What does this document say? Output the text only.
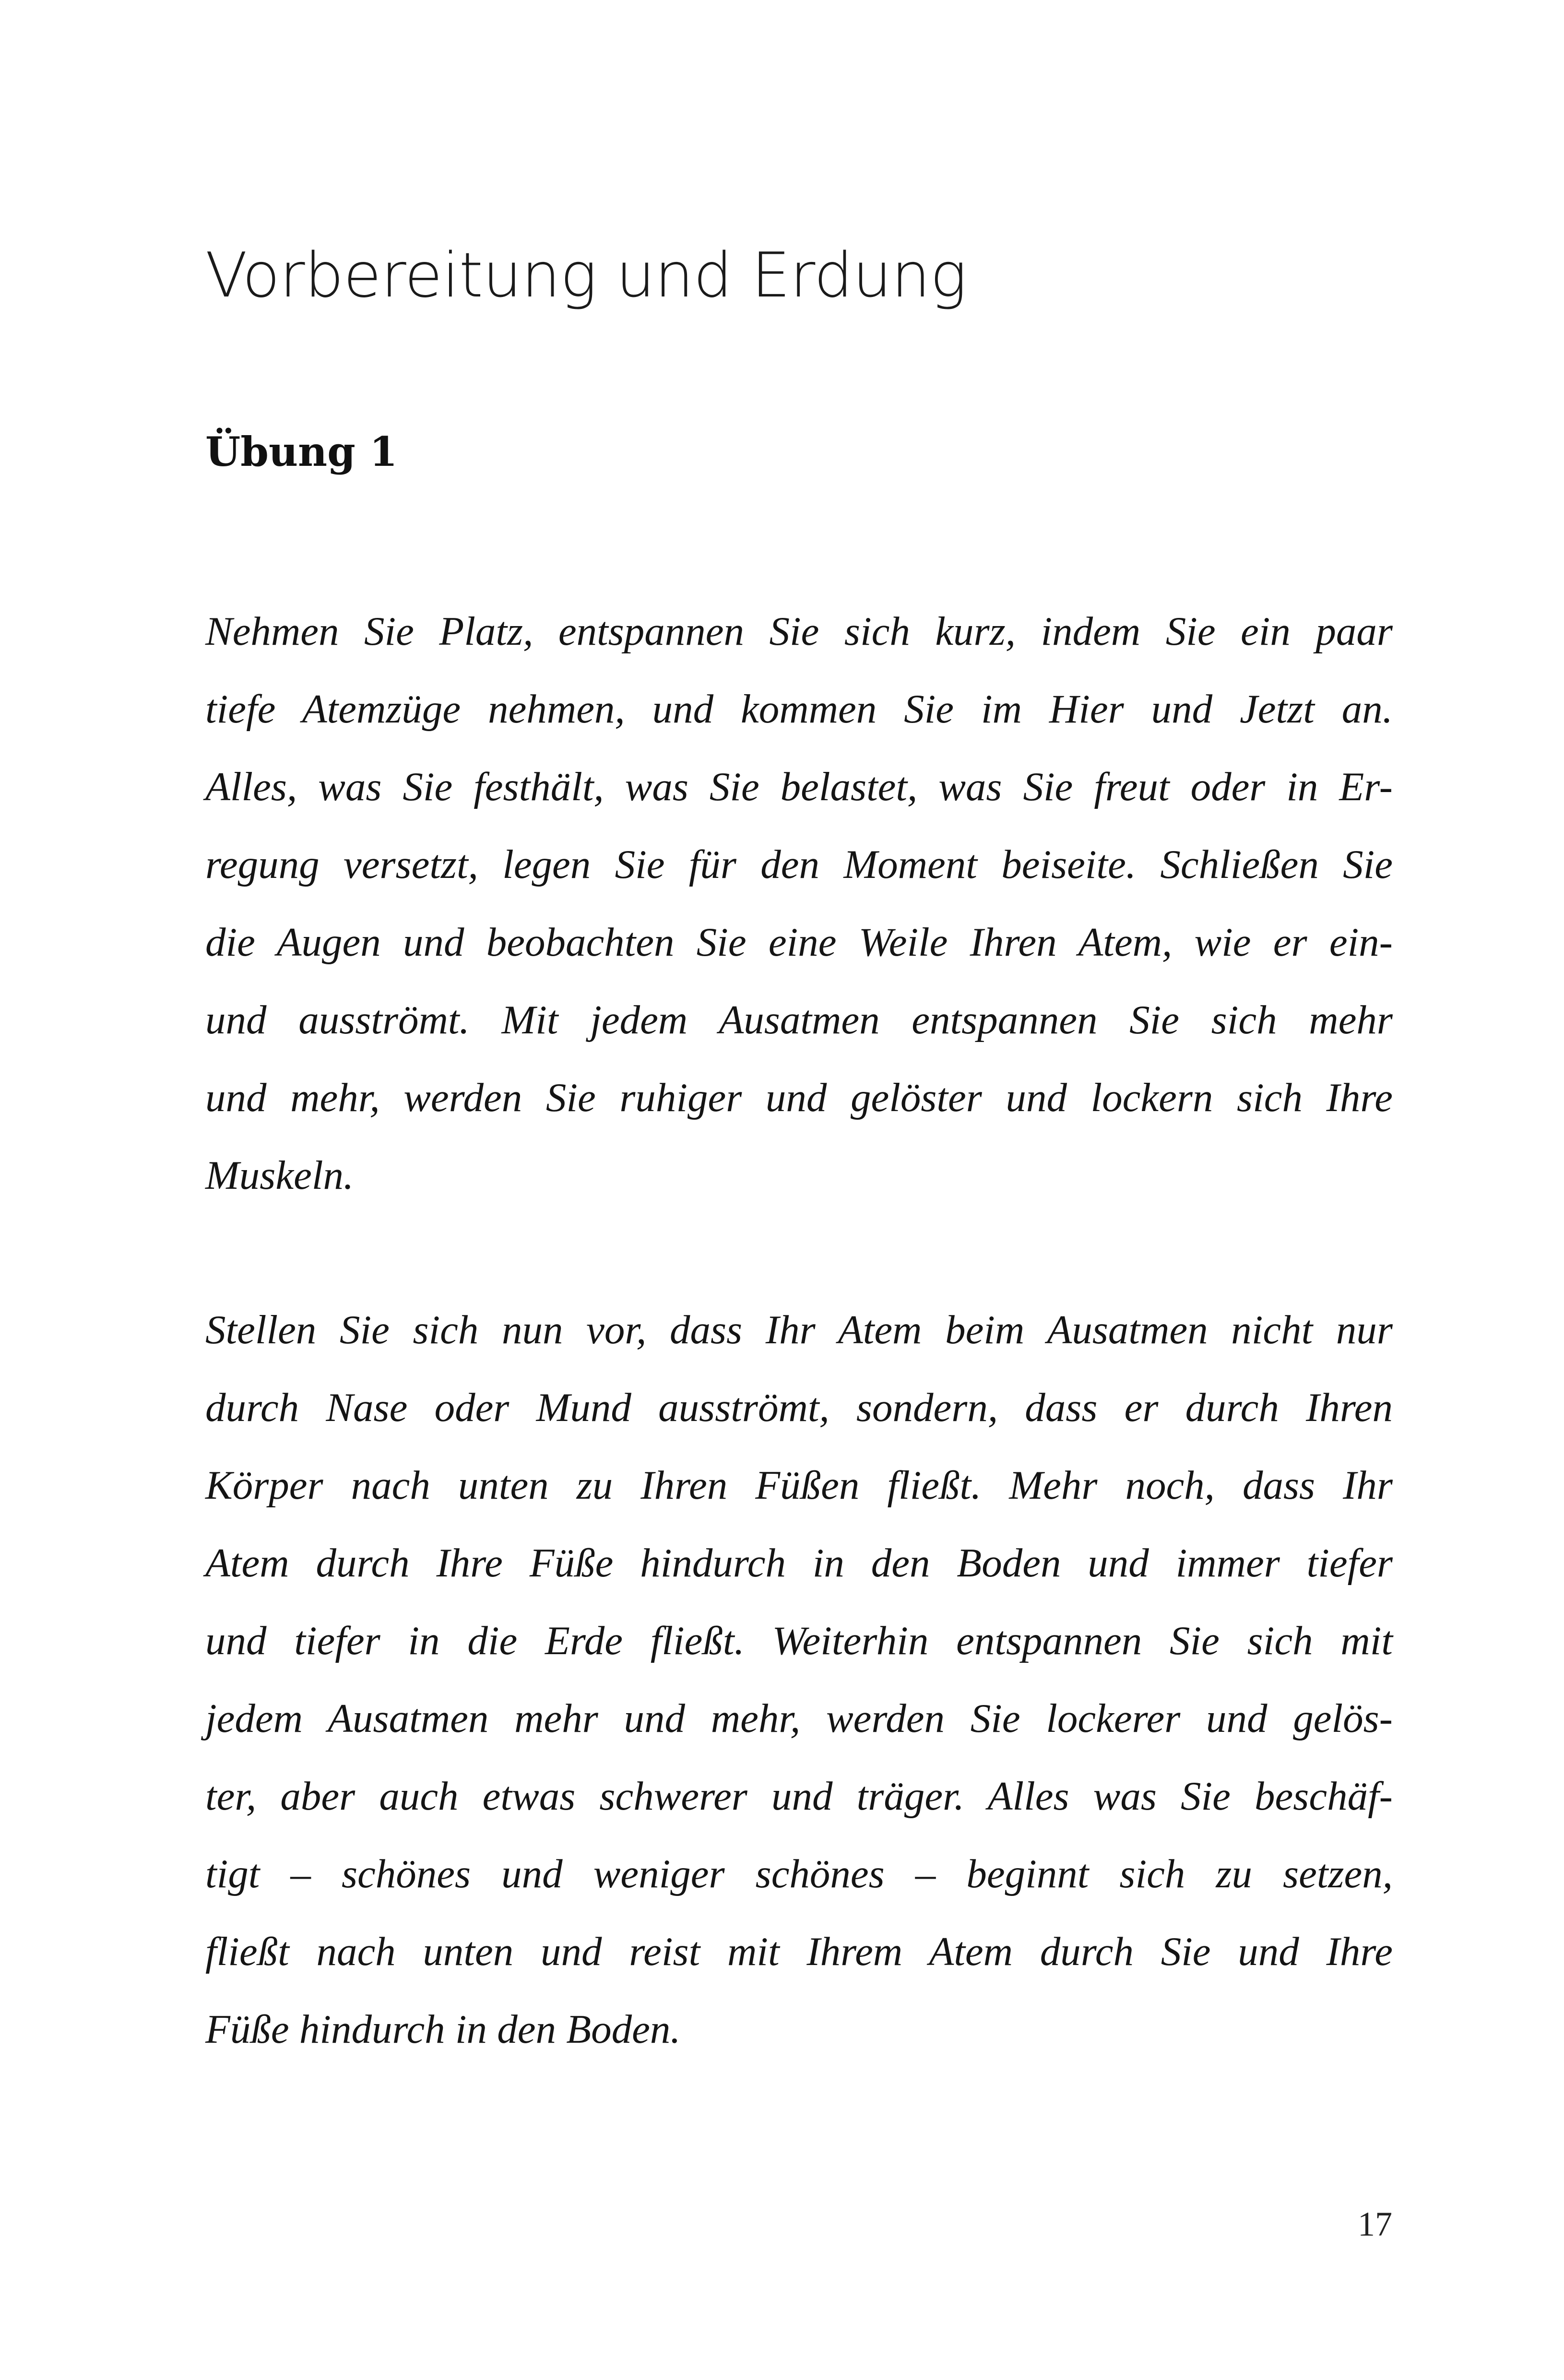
Vorbereitung und Erdung
Übung 1
Nehmen Sie Platz, entspannen Sie sich kurz, indem Sie ein paar
tiefe Atemzüge nehmen, und kommen Sie im Hier und Jetzt an.
Alles, was Sie festhält, was Sie belastet, was Sie freut oder in Er-
regung versetzt, legen Sie für den Moment beiseite. Schließen Sie
die Augen und beobachten Sie eine Weile Ihren Atem, wie er ein-
und ausströmt. Mit jedem Ausatmen entspannen Sie sich mehr
und mehr, werden Sie ruhiger und gelöster und lockern sich Ihre
Muskeln.
Stellen Sie sich nun vor, dass Ihr Atem beim Ausatmen nicht nur
durch Nase oder Mund ausströmt, sondern, dass er durch Ihren
Körper nach unten zu Ihren Füßen fließt. Mehr noch, dass Ihr
Atem durch Ihre Füße hindurch in den Boden und immer tiefer
und tiefer in die Erde fließt. Weiterhin entspannen Sie sich mit
jedem Ausatmen mehr und mehr, werden Sie lockerer und gelös-
ter, aber auch etwas schwerer und träger. Alles was Sie beschäf-
tigt – schönes und weniger schönes – beginnt sich zu setzen,
fließt nach unten und reist mit Ihrem Atem durch Sie und Ihre
Füße hindurch in den Boden.
17
